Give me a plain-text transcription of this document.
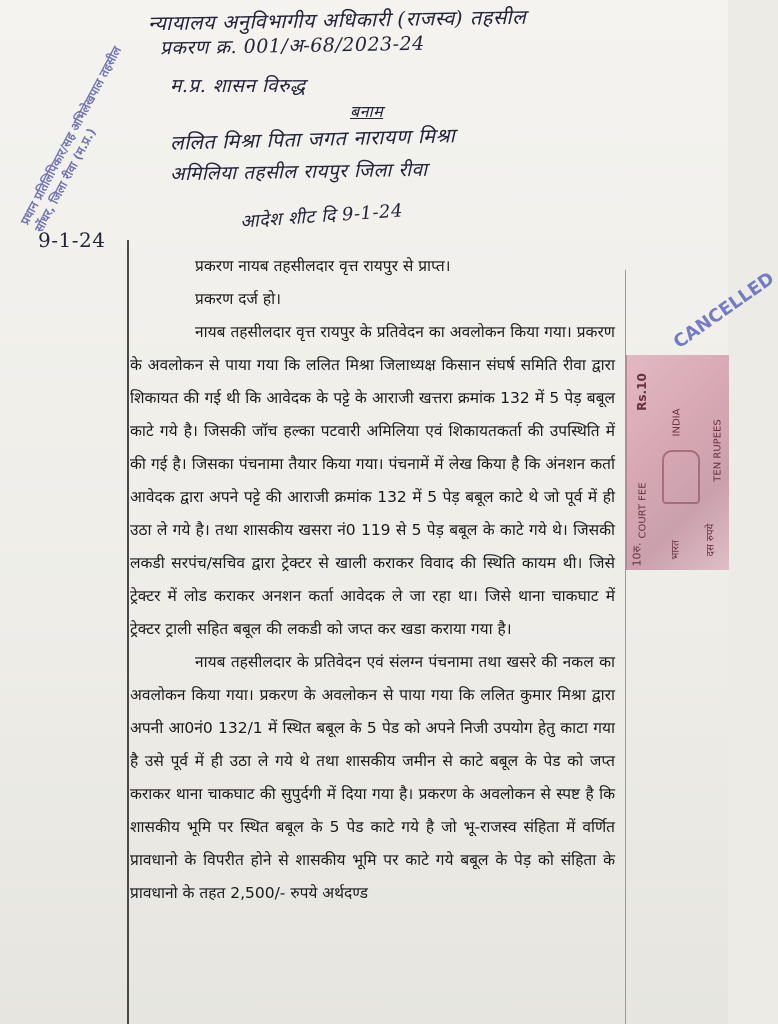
न्यायालय अनुविभागीय अधिकारी (राजस्व) तहसील
प्रकरण क्र. 001/अ-68/2023-24
म.प्र. शासन विरुद्ध
बनाम
ललित मिश्रा पिता जगत नारायण मिश्रा
अमिलिया तहसील रायपुर जिला रीवा
आदेश शीट दि 9-1-24
प्रधान प्रतिलिपिकार/सह अभिलेखपाल तहसील सोंधर, जिला रीवा (म.प्र.)
9-1-24

प्रकरण नायब तहसीलदार वृत्त रायपुर से प्राप्त।

प्रकरण दर्ज हो।

नायब तहसीलदार वृत्त रायपुर के प्रतिवेदन का अवलोकन किया गया। प्रकरण के अवलोकन से पाया गया कि ललित मिश्रा जिलाध्यक्ष किसान संघर्ष समिति रीवा द्वारा शिकायत की गई थी कि आवेदक के पट्टे के आराजी खत्तरा क्रमांक 132 में 5 पेड़ बबूल काटे गये है। जिसकी जॉच हल्का पटवारी अमिलिया एवं शिकायतकर्ता की उपस्थिति में की गई है। जिसका पंचनामा तैयार किया गया। पंचनामें में लेख किया है कि अंनशन कर्ता आवेदक द्वारा अपने पट्टे की आराजी क्रमांक 132 में 5 पेड़ बबूल काटे थे जो पूर्व में ही उठा ले गये है। तथा शासकीय खसरा नं0 119 से 5 पेड़ बबूल के काटे गये थे। जिसकी लकडी सरपंच/सचिव द्वारा ट्रेक्टर से खाली कराकर विवाद की स्थिति कायम थी। जिसे ट्रेक्टर में लोड कराकर अनशन कर्ता आवेदक ले जा रहा था। जिसे थाना चाकघाट में ट्रेक्टर ट्राली सहित बबूल की लकडी को जप्त कर खडा कराया गया है।

नायब तहसीलदार के प्रतिवेदन एवं संलग्न पंचनामा तथा खसरे की नकल का अवलोकन किया गया। प्रकरण के अवलोकन से पाया गया कि ललित कुमार मिश्रा द्वारा अपनी आ0नं0 132/1 में स्थित बबूल के 5 पेड को अपने निजी उपयोग हेतु काटा गया है उसे पूर्व में ही उठा ले गये थे तथा शासकीय जमीन से काटे बबूल के पेड को जप्त कराकर थाना चाकघाट की सुपुर्दगी में दिया गया है। प्रकरण के अवलोकन से स्पष्ट है कि शासकीय भूमि पर स्थित बबूल के 5 पेड काटे गये है जो भू-राजस्व संहिता में वर्णित प्रावधानो के विपरीत होने से शासकीय भूमि पर काटे गये बबूल के पेड़ को संहिता के प्रावधानो के तहत 2,500/- रुपये अर्थदण्ड

Rs.10
INDIA	TEN RUPEES
COURT FEE
दस रुपये
10रु.	भारत
CANCELLED
